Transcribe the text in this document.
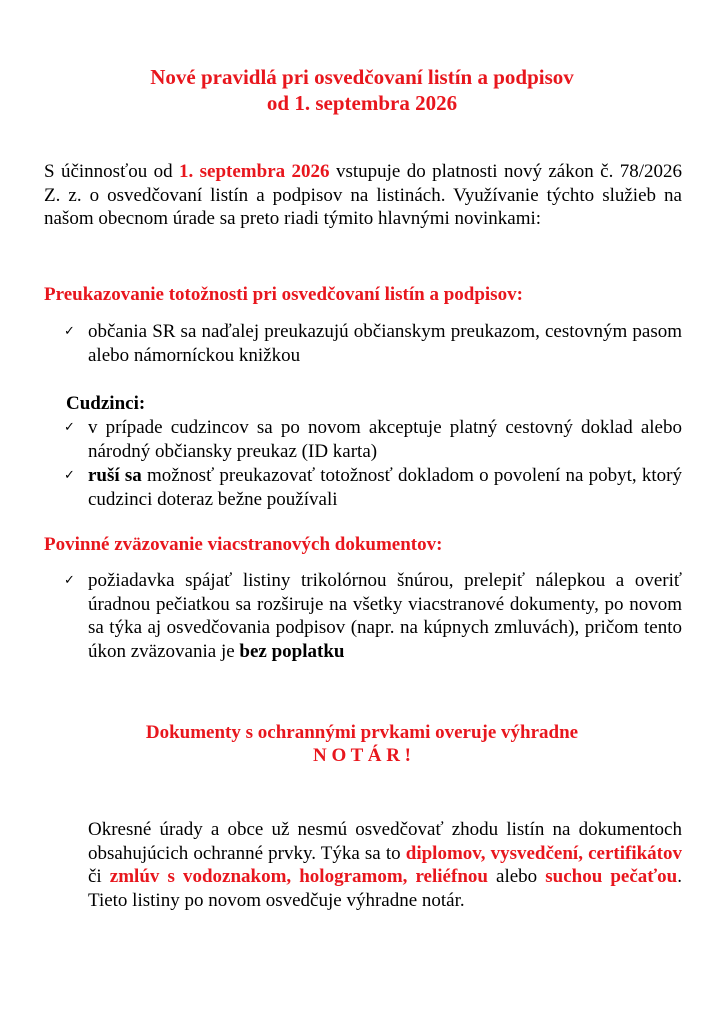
Nové pravidlá pri osvedčovaní listín a podpisov
od 1. septembra 2026
S účinnosťou od 1. septembra 2026 vstupuje do platnosti nový zákon č. 78/2026 Z. z. o osvedčovaní listín a podpisov na listinách. Využívanie týchto služieb na našom obecnom úrade sa preto riadi týmito hlavnými novinkami:
Preukazovanie totožnosti pri osvedčovaní listín a podpisov:
✓ občania SR sa naďalej preukazujú občianskym preukazom, cestovným pasom alebo námorníckou knižkou
Cudzinci:
✓ v prípade cudzincov sa po novom akceptuje platný cestovný doklad alebo národný občiansky preukaz (ID karta)
✓ ruší sa možnosť preukazovať totožnosť dokladom o povolení na pobyt, ktorý cudzinci doteraz bežne používali
Povinné zväzovanie viacstranových dokumentov:
✓ požiadavka spájať listiny trikolórnou šnúrou, prelepiť nálepkou a overiť úradnou pečiatkou sa rozširuje na všetky viacstranové dokumenty, po novom sa týka aj osvedčovania podpisov (napr. na kúpnych zmluvách), pričom tento úkon zväzovania je bez poplatku
Dokumenty s ochrannými prvkami overuje výhradne
N O T Á R !
Okresné úrady a obce už nesmú osvedčovať zhodu listín na dokumentoch obsahujúcich ochranné prvky. Týka sa to diplomov, vysvedčení, certifikátov či zmlúv s vodoznakom, hologramom, reliéfnou alebo suchou pečaťou. Tieto listiny po novom osvedčuje výhradne notár.
